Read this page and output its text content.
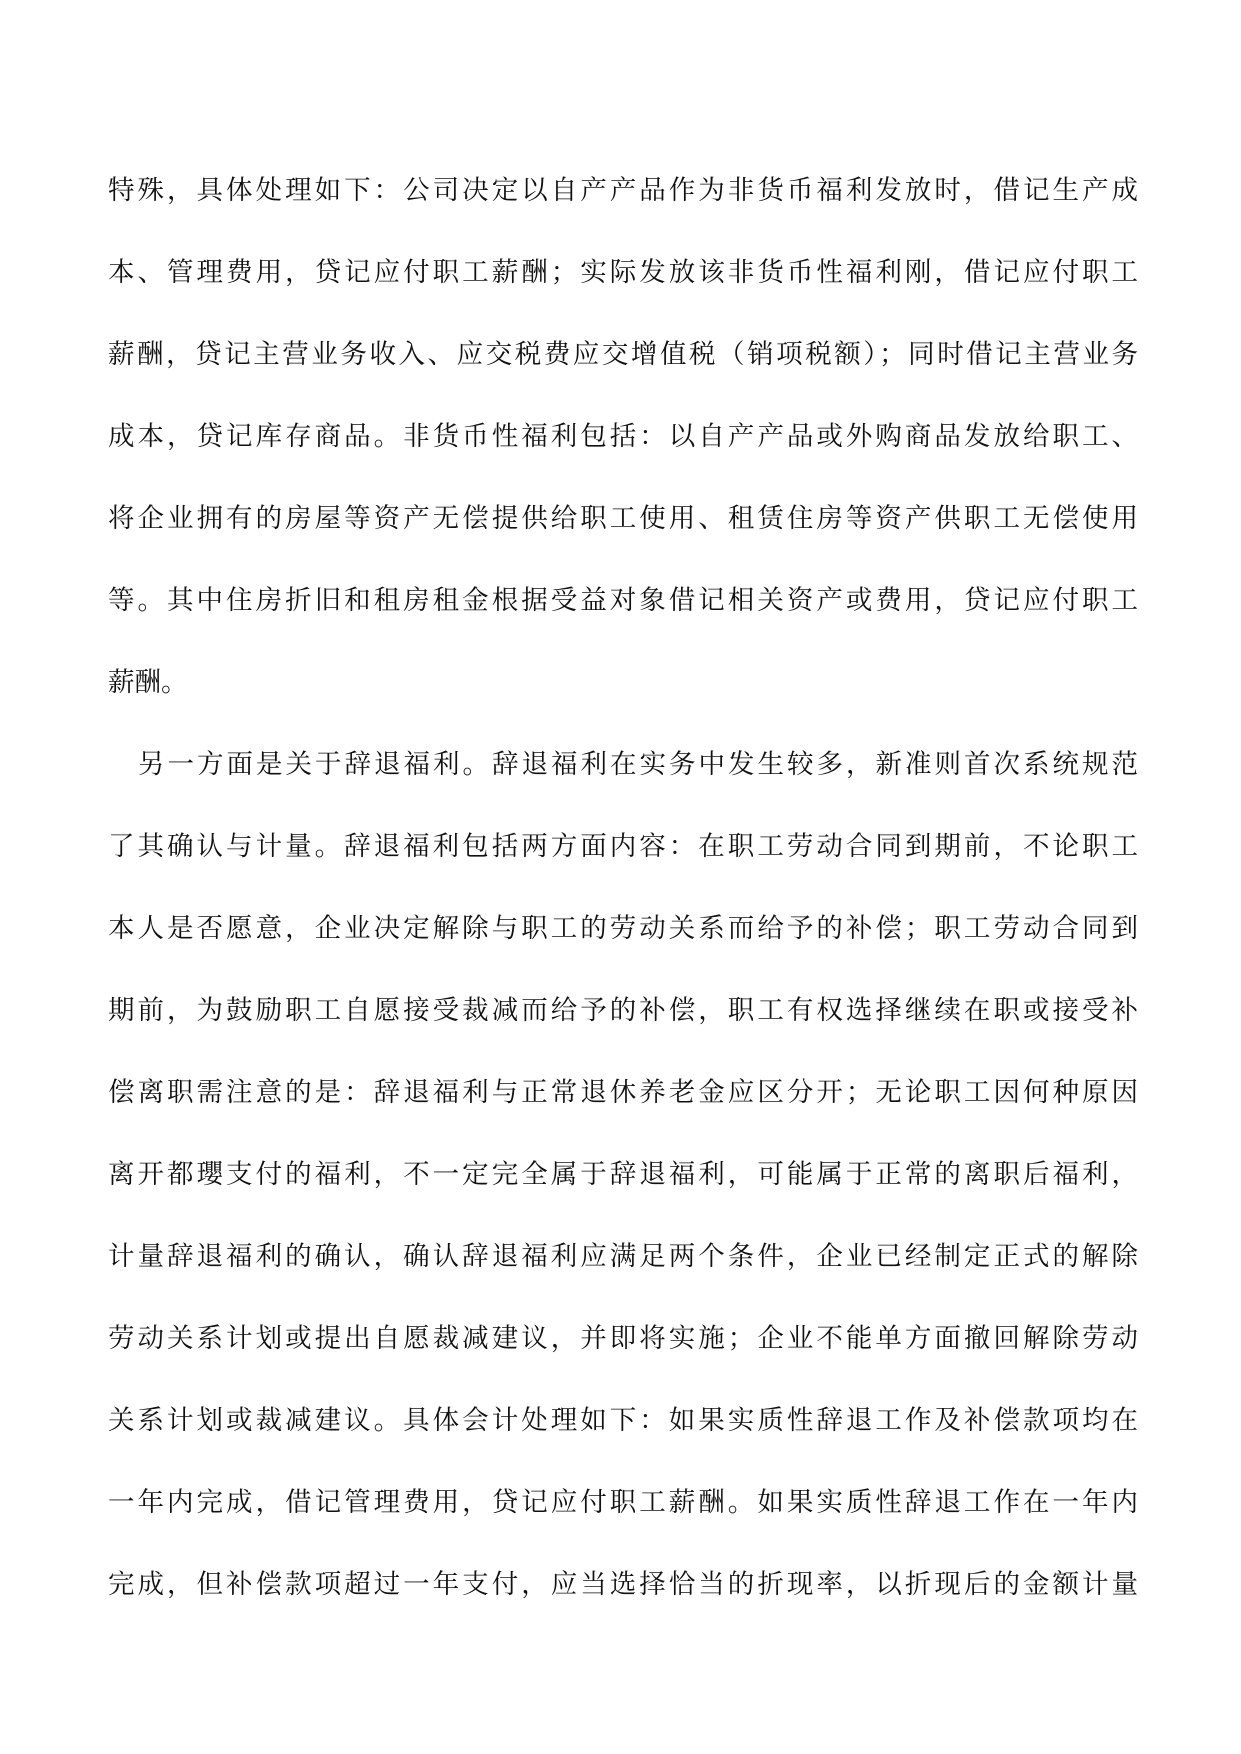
特殊，具体处理如下：公司决定以自产产品作为非货币福利发放时，借记生产成
本、管理费用，贷记应付职工薪酬；实际发放该非货币性福利刚，借记应付职工
薪酬，贷记主营业务收入、应交税费应交增值税（销项税额）；同时借记主营业务
成本，贷记库存商品。非货币性福利包括：以自产产品或外购商品发放给职工、
将企业拥有的房屋等资产无偿提供给职工使用、租赁住房等资产供职工无偿使用
等。其中住房折旧和租房租金根据受益对象借记相关资产或费用，贷记应付职工
薪酬。
另一方面是关于辞退福利。辞退福利在实务中发生较多，新准则首次系统规范
了其确认与计量。辞退福利包括两方面内容：在职工劳动合同到期前，不论职工
本人是否愿意，企业决定解除与职工的劳动关系而给予的补偿；职工劳动合同到
期前，为鼓励职工自愿接受裁减而给予的补偿，职工有权选择继续在职或接受补
偿离职需注意的是：辞退福利与正常退休养老金应区分开；无论职工因何种原因
离开都瓔支付的福利，不一定完全属于辞退福利，可能属于正常的离职后福利，
计量辞退福利的确认，确认辞退福利应满足两个条件，企业已经制定正式的解除
劳动关系计划或提出自愿裁减建议，并即将实施；企业不能单方面撤回解除劳动
关系计划或裁减建议。具体会计处理如下：如果实质性辞退工作及补偿款项均在
一年内完成，借记管理费用，贷记应付职工薪酬。如果实质性辞退工作在一年内
完成，但补偿款项超过一年支付，应当选择恰当的折现率，以折现后的金额计量
